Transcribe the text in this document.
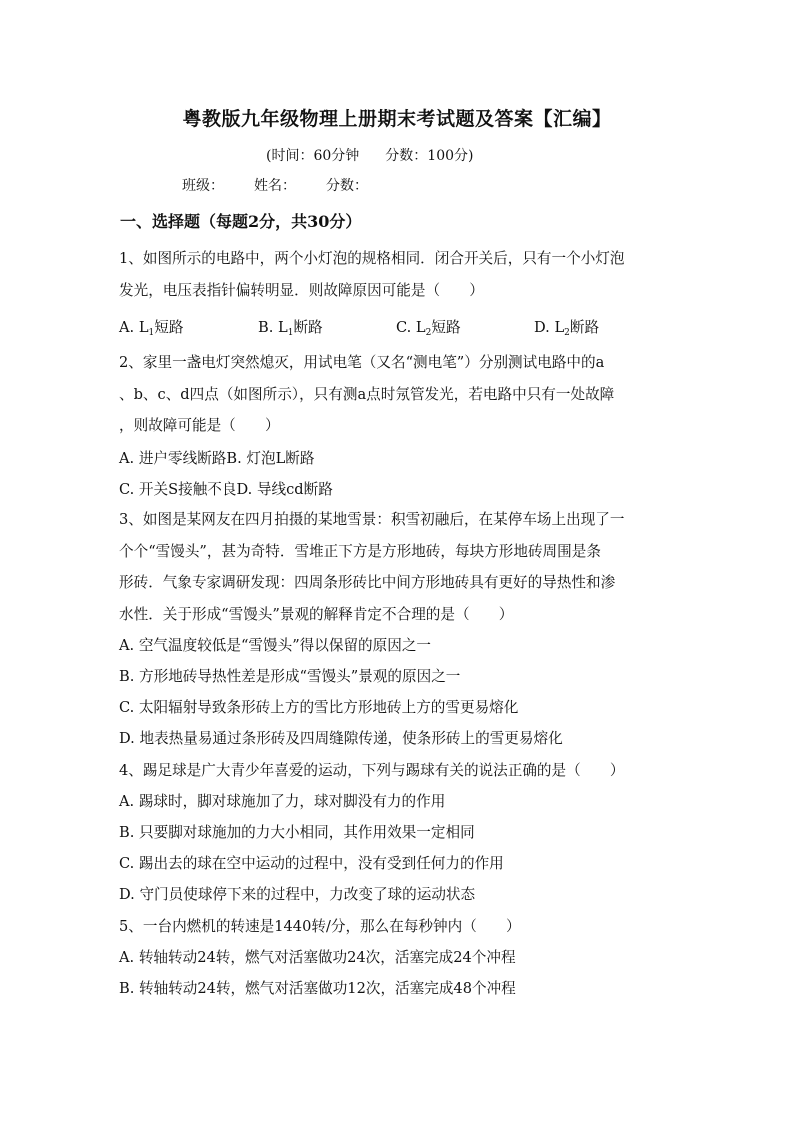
粤教版九年级物理上册期末考试题及答案【汇编】
(时间：60分钟 分数：100分)
班级： 姓名： 分数：
一、选择题（每题2分，共30分）
1、如图所示的电路中，两个小灯泡的规格相同．闭合开关后，只有一个小灯泡
发光，电压表指针偏转明显．则故障原因可能是（　　）
A. $L_1$短路	B. $L_1$断路	C. $L_2$短路	D. $L_2$断路
2、家里一盏电灯突然熄灭，用试电笔（又名“测电笔”）分别测试电路中的a
、b、c、d四点（如图所示），只有测a点时氖管发光，若电路中只有一处故障
，则故障可能是（　　）
A. 进户零线断路B. 灯泡L断路
C. 开关S接触不良D. 导线cd断路
3、如图是某网友在四月拍摄的某地雪景：积雪初融后，在某停车场上出现了一
个个“雪馒头”，甚为奇特．雪堆正下方是方形地砖，每块方形地砖周围是条
形砖．气象专家调研发现：四周条形砖比中间方形地砖具有更好的导热性和渗
水性．关于形成“雪馒头”景观的解释肯定不合理的是（　　）
A. 空气温度较低是“雪馒头”得以保留的原因之一
B. 方形地砖导热性差是形成“雪馒头”景观的原因之一
C. 太阳辐射导致条形砖上方的雪比方形地砖上方的雪更易熔化
D. 地表热量易通过条形砖及四周缝隙传递，使条形砖上的雪更易熔化
4、踢足球是广大青少年喜爱的运动，下列与踢球有关的说法正确的是（　　）
A. 踢球时，脚对球施加了力，球对脚没有力的作用
B. 只要脚对球施加的力大小相同，其作用效果一定相同
C. 踢出去的球在空中运动的过程中，没有受到任何力的作用
D. 守门员使球停下来的过程中，力改变了球的运动状态
5、一台内燃机的转速是1440转/分，那么在每秒钟内（　　）
A. 转轴转动24转，燃气对活塞做功24次，活塞完成24个冲程
B. 转轴转动24转，燃气对活塞做功12次，活塞完成48个冲程
